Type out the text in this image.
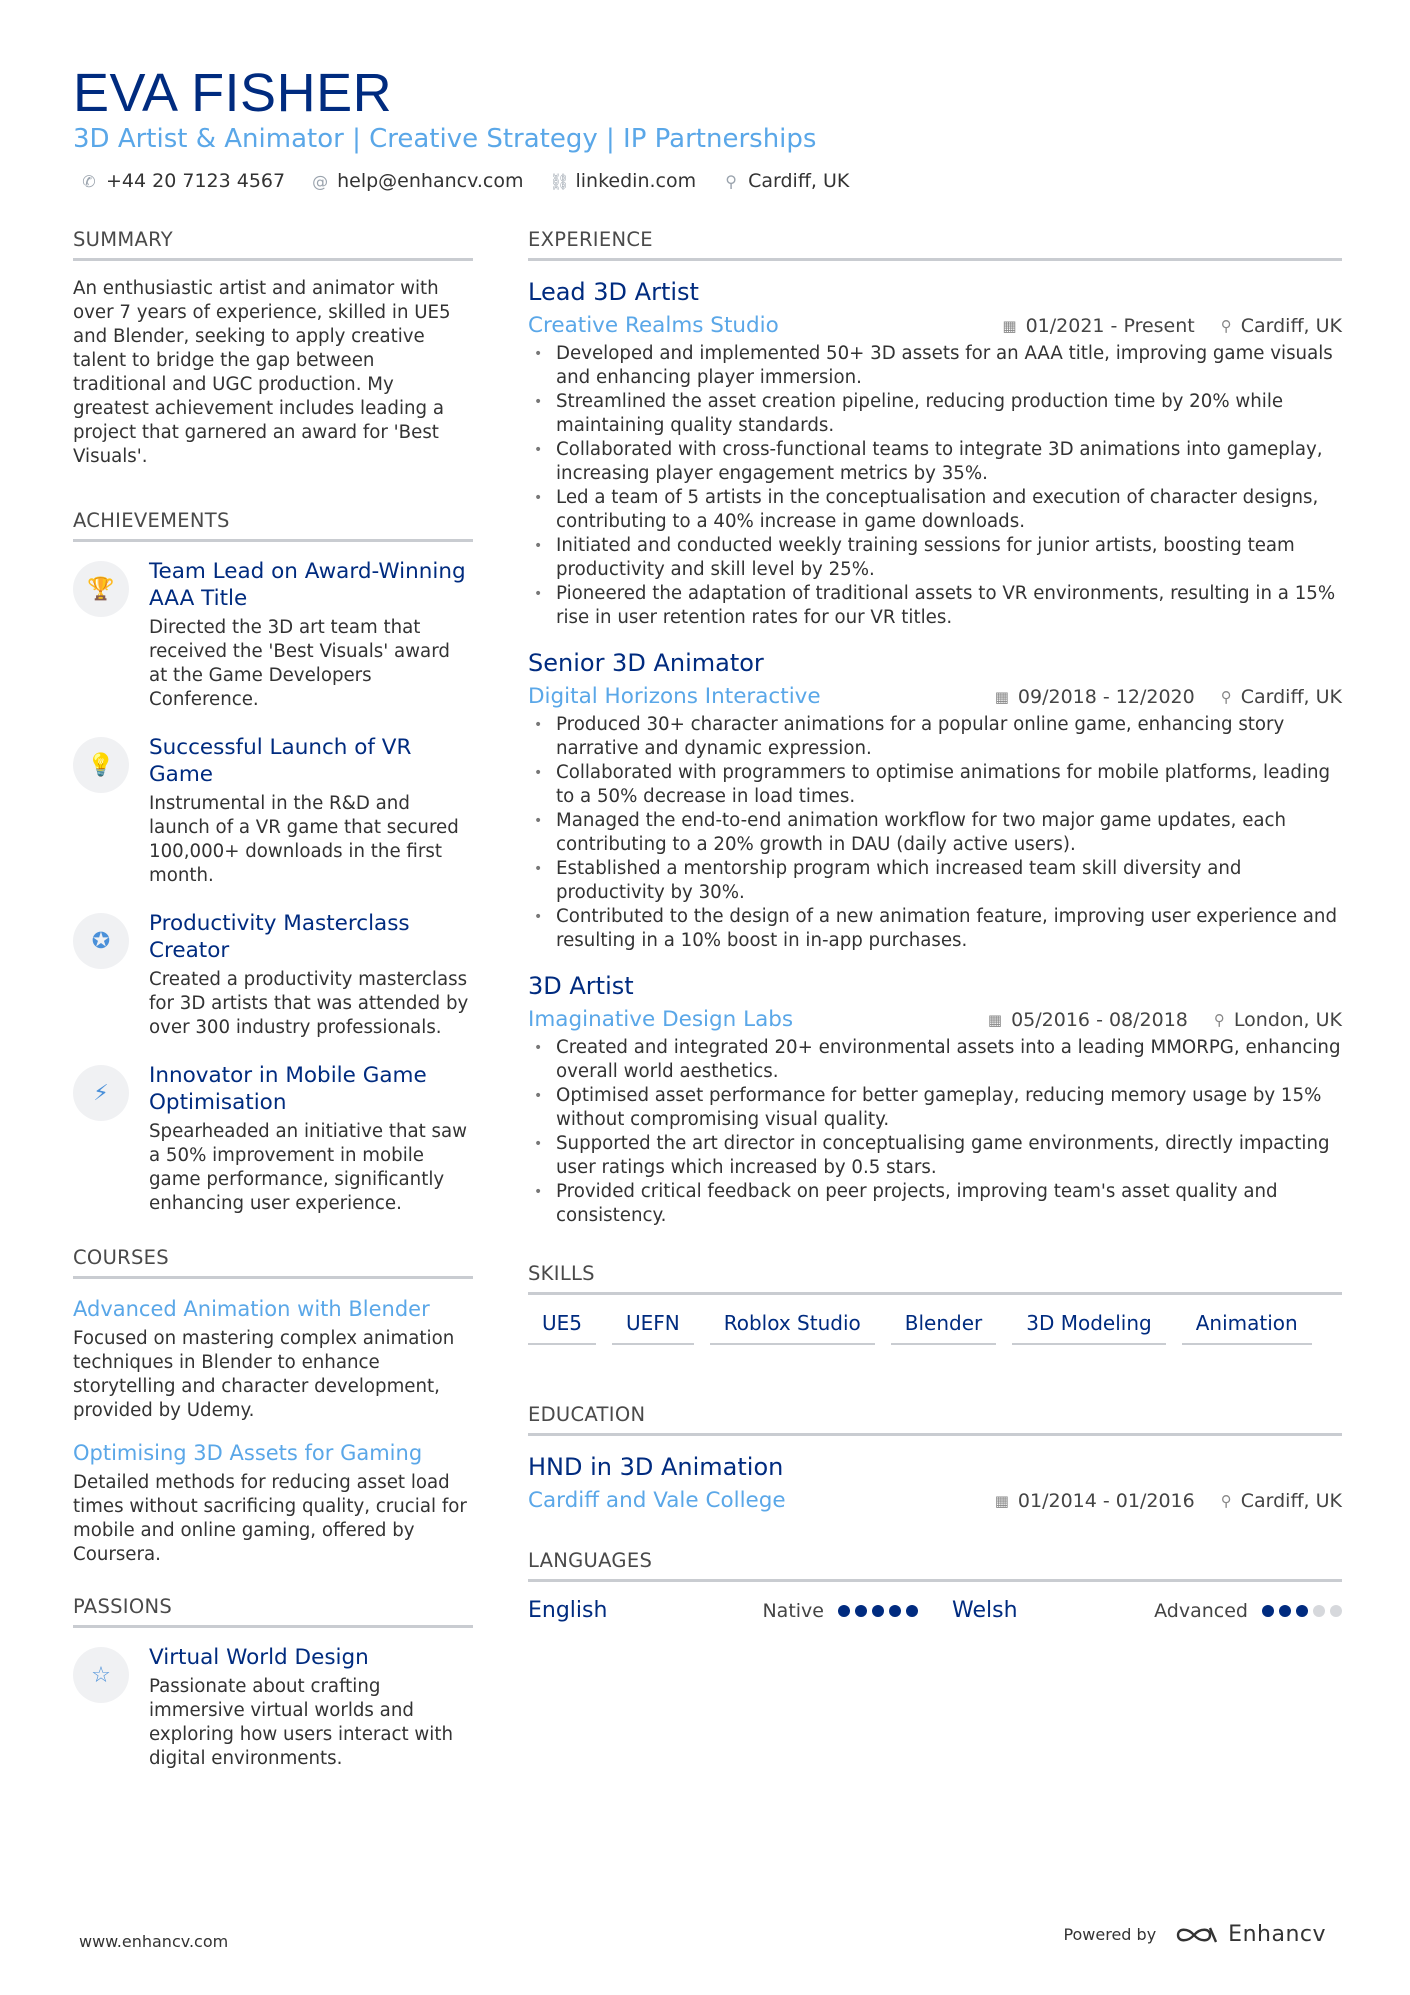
EVA FISHER
3D Artist & Animator | Creative Strategy | IP Partnerships
✆ +44 20 7123 4567 @ help@enhancv.com ⛓ linkedin.com ⚲ Cardiff, UK
SUMMARY
An enthusiastic artist and animator with over 7 years of experience, skilled in UE5 and Blender, seeking to apply creative talent to bridge the gap between traditional and UGC production. My greatest achievement includes leading a project that garnered an award for 'Best Visuals'.
ACHIEVEMENTS
🏆
Team Lead on Award-Winning AAA Title
Directed the 3D art team that received the 'Best Visuals' award at the Game Developers Conference.
💡
Successful Launch of VR Game
Instrumental in the R&D and launch of a VR game that secured 100,000+ downloads in the first month.
✪
Productivity Masterclass Creator
Created a productivity masterclass for 3D artists that was attended by over 300 industry professionals.
⚡
Innovator in Mobile Game Optimisation
Spearheaded an initiative that saw a 50% improvement in mobile game performance, significantly enhancing user experience.
COURSES
Advanced Animation with Blender
Focused on mastering complex animation techniques in Blender to enhance storytelling and character development, provided by Udemy.
Optimising 3D Assets for Gaming
Detailed methods for reducing asset load times without sacrificing quality, crucial for mobile and online gaming, offered by Coursera.
PASSIONS
☆
Virtual World Design
Passionate about crafting immersive virtual worlds and exploring how users interact with digital environments.
EXPERIENCE
Lead 3D Artist
Creative Realms Studio	▦ 01/2021 - Present ⚲ Cardiff, UK
• Developed and implemented 50+ 3D assets for an AAA title, improving game visuals and enhancing player immersion.
• Streamlined the asset creation pipeline, reducing production time by 20% while maintaining quality standards.
• Collaborated with cross-functional teams to integrate 3D animations into gameplay, increasing player engagement metrics by 35%.
• Led a team of 5 artists in the conceptualisation and execution of character designs, contributing to a 40% increase in game downloads.
• Initiated and conducted weekly training sessions for junior artists, boosting team productivity and skill level by 25%.
• Pioneered the adaptation of traditional assets to VR environments, resulting in a 15% rise in user retention rates for our VR titles.
Senior 3D Animator
Digital Horizons Interactive	▦ 09/2018 - 12/2020 ⚲ Cardiff, UK
• Produced 30+ character animations for a popular online game, enhancing story narrative and dynamic expression.
• Collaborated with programmers to optimise animations for mobile platforms, leading to a 50% decrease in load times.
• Managed the end-to-end animation workflow for two major game updates, each contributing to a 20% growth in DAU (daily active users).
• Established a mentorship program which increased team skill diversity and productivity by 30%.
• Contributed to the design of a new animation feature, improving user experience and resulting in a 10% boost in in-app purchases.
3D Artist
Imaginative Design Labs	▦ 05/2016 - 08/2018 ⚲ London, UK
• Created and integrated 20+ environmental assets into a leading MMORPG, enhancing overall world aesthetics.
• Optimised asset performance for better gameplay, reducing memory usage by 15% without compromising visual quality.
• Supported the art director in conceptualising game environments, directly impacting user ratings which increased by 0.5 stars.
• Provided critical feedback on peer projects, improving team's asset quality and consistency.
SKILLS
UE5	UEFN	Roblox Studio	Blender	3D Modeling	Animation
EDUCATION
HND in 3D Animation
Cardiff and Vale College	▦ 01/2014 - 01/2016 ⚲ Cardiff, UK
LANGUAGES
English	Native	Welsh	Advanced
www.enhancv.com	Powered by	Enhancv
